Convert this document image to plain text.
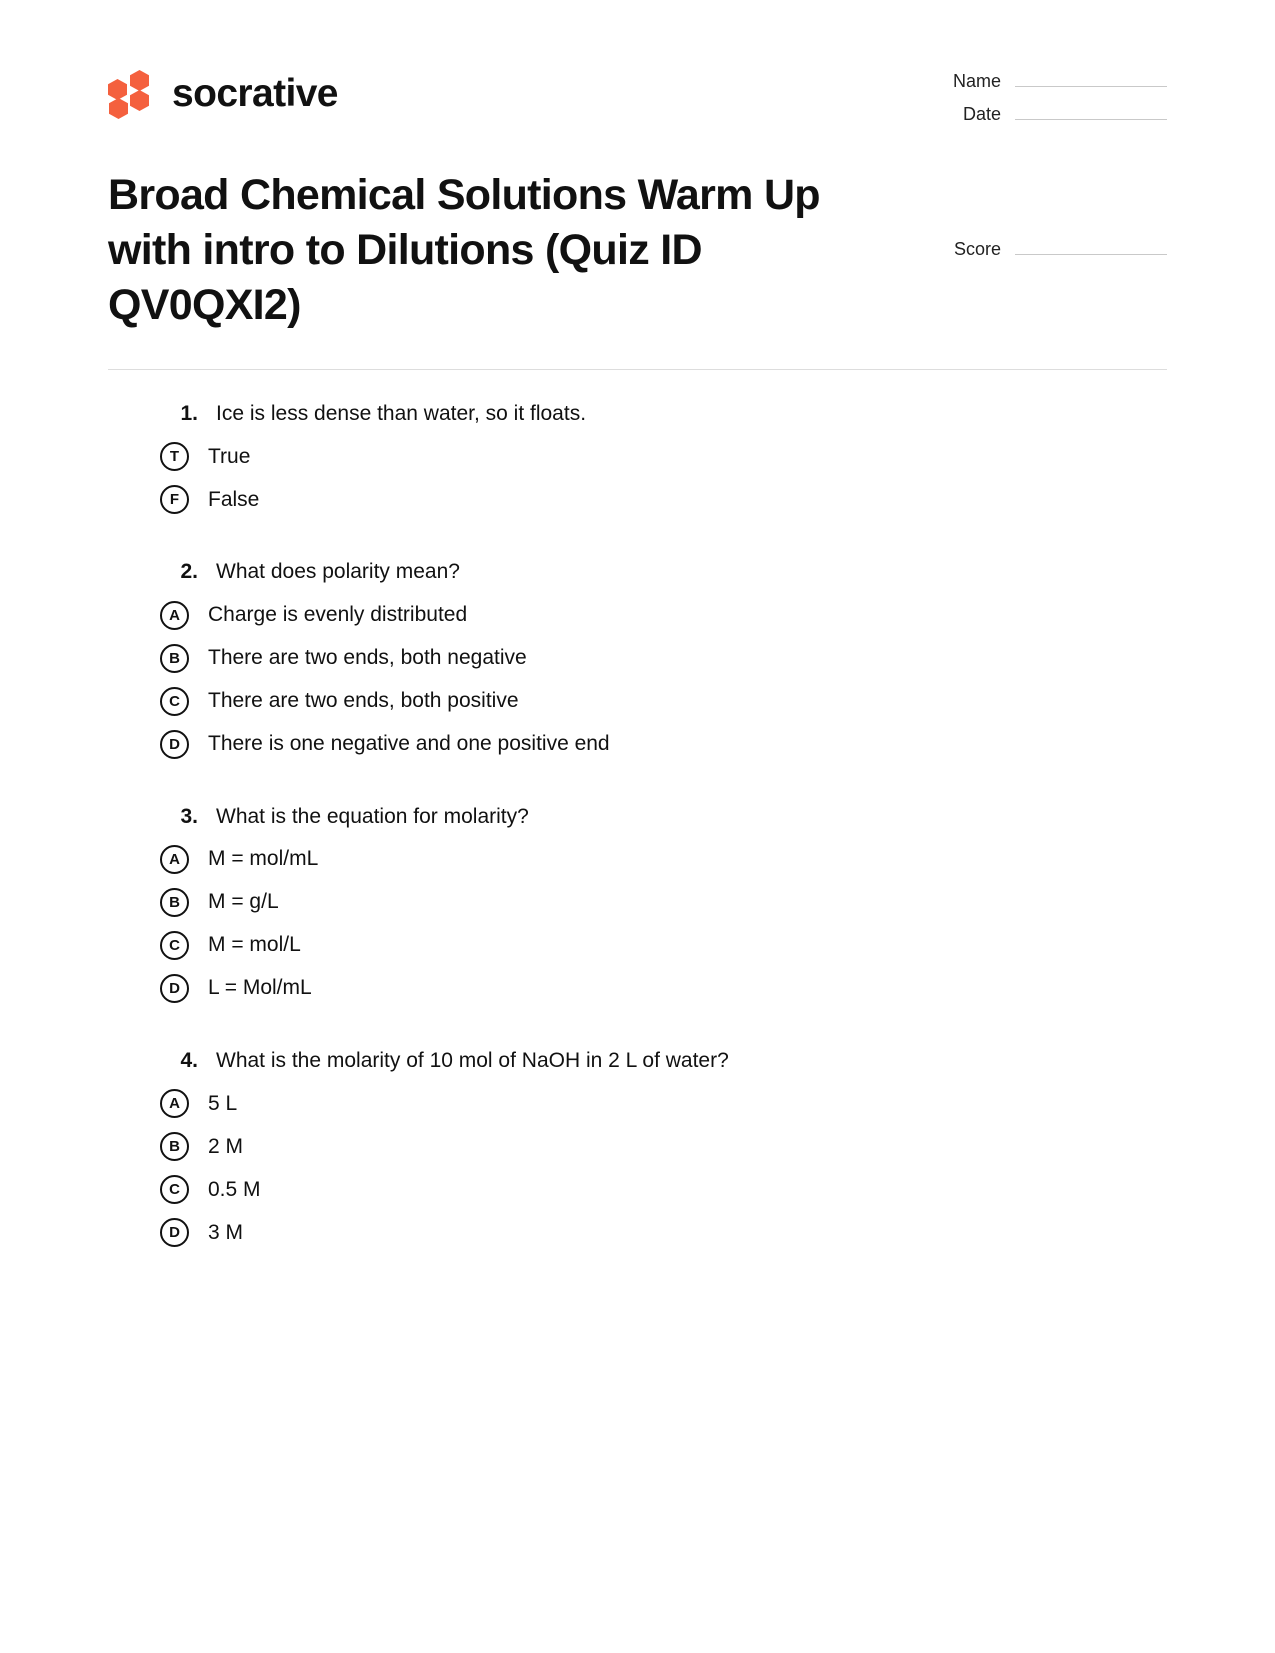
socrative	Name
Date
Broad Chemical Solutions Warm Up with intro to Dilutions (Quiz ID QV0QXI2)
Score
1. Ice is less dense than water, so it floats.
T	True
F	False
2. What does polarity mean?
A	Charge is evenly distributed
B	There are two ends, both negative
C	There are two ends, both positive
D	There is one negative and one positive end
3. What is the equation for molarity?
A	M = mol/mL
B	M = g/L
C	M = mol/L
D	L = Mol/mL
4. What is the molarity of 10 mol of NaOH in 2 L of water?
A	5 L
B	2 M
C	0.5 M
D	3 M
